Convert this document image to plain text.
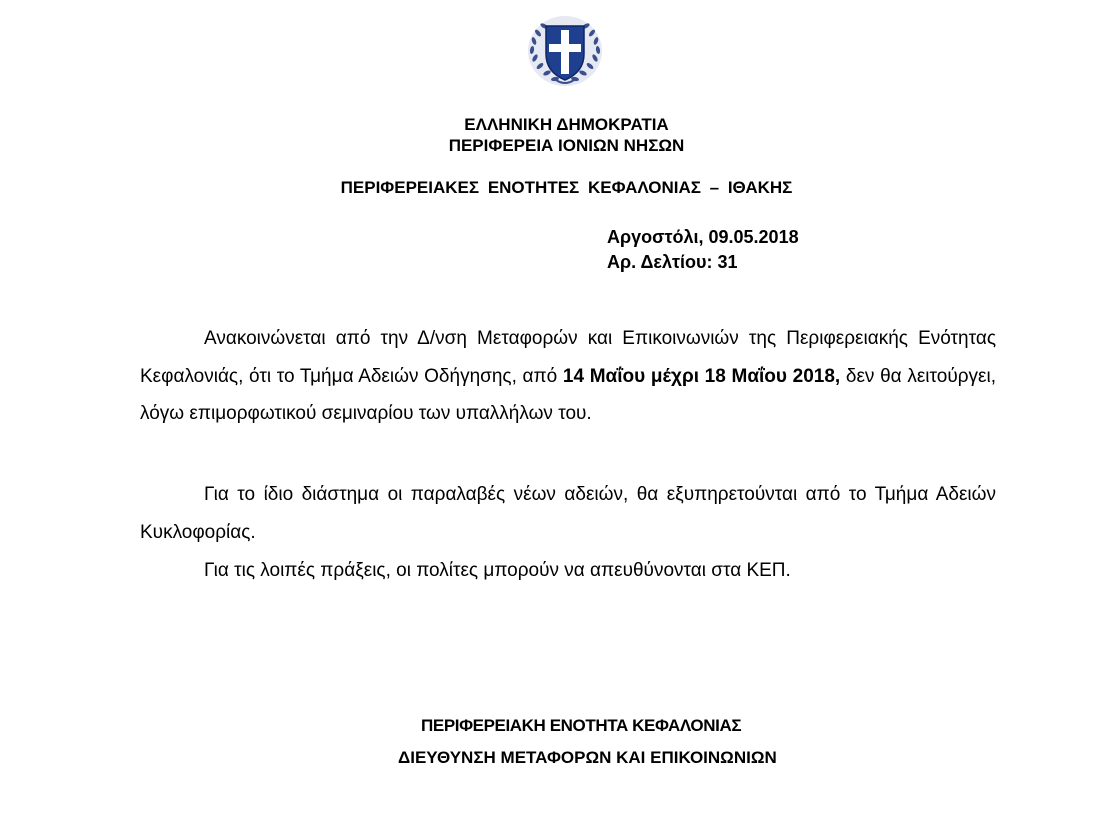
ΕΛΛΗΝΙΚΗ ΔΗΜΟΚΡΑΤΙΑ
ΠΕΡΙΦΕΡΕΙΑ ΙΟΝΙΩΝ ΝΗΣΩΝ
ΠΕΡΙΦΕΡΕΙΑΚΕΣ ΕΝΟΤΗΤΕΣ ΚΕΦΑΛΟΝΙΑΣ – ΙΘΑΚΗΣ
Αργοστόλι, 09.05.2018
Αρ. Δελτίου: 31

Ανακοινώνεται από την Δ/νση Μεταφορών και Επικοινωνιών της Περιφερειακής Ενότητας Κεφαλονιάς, ότι το Τμήμα Αδειών Οδήγησης, από 14 Μαΐου μέχρι 18 Μαΐου 2018, δεν θα λειτούργει, λόγω επιμορφωτικού σεμιναρίου των υπαλλήλων του.

Για το ίδιο διάστημα οι παραλαβές νέων αδειών, θα εξυπηρετούνται από το Τμήμα Αδειών Κυκλοφορίας.

Για τις λοιπές πράξεις, οι πολίτες μπορούν να απευθύνονται στα ΚΕΠ.

ΠΕΡΙΦΕΡΕΙΑΚΗ ΕΝΟΤΗΤΑ ΚΕΦΑΛΟΝΙΑΣ
ΔΙΕΥΘΥΝΣΗ ΜΕΤΑΦΟΡΩΝ ΚΑΙ ΕΠΙΚΟΙΝΩΝΙΩΝ
